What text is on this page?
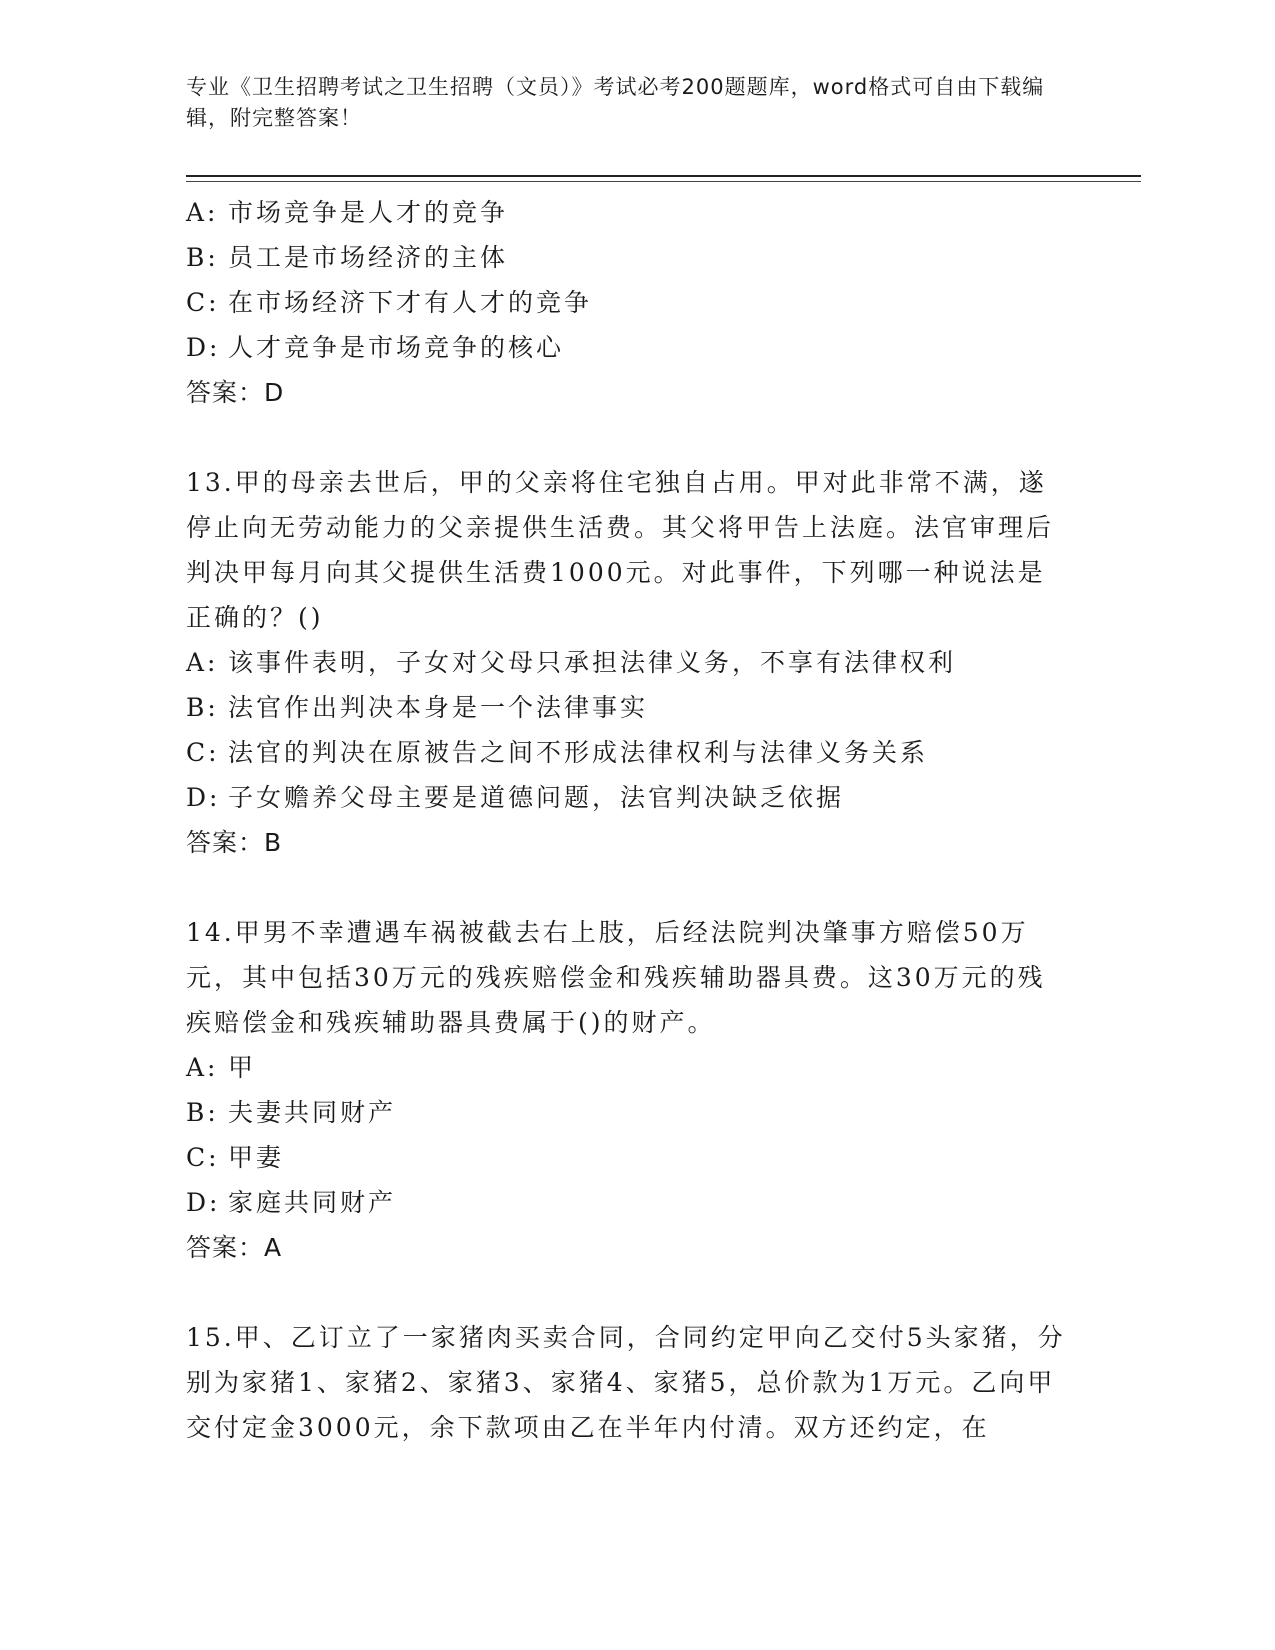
专业《卫生招聘考试之卫生招聘（文员）》考试必考200题题库，word格式可自由下载编辑，附完整答案！
A: 市场竞争是人才的竞争
B: 员工是市场经济的主体
C: 在市场经济下才有人才的竞争
D: 人才竞争是市场竞争的核心
答案：D
13.甲的母亲去世后，甲的父亲将住宅独自占用。甲对此非常不满，遂停止向无劳动能力的父亲提供生活费。其父将甲告上法庭。法官审理后判决甲每月向其父提供生活费1000元。对此事件，下列哪一种说法是正确的？()
A: 该事件表明，子女对父母只承担法律义务，不享有法律权利
B: 法官作出判决本身是一个法律事实
C: 法官的判决在原被告之间不形成法律权利与法律义务关系
D: 子女赡养父母主要是道德问题，法官判决缺乏依据
答案：B
14.甲男不幸遭遇车祸被截去右上肢，后经法院判决肇事方赔偿50万元，其中包括30万元的残疾赔偿金和残疾辅助器具费。这30万元的残疾赔偿金和残疾辅助器具费属于()的财产。
A: 甲
B: 夫妻共同财产
C: 甲妻
D: 家庭共同财产
答案：A
15.甲、乙订立了一家猪肉买卖合同，合同约定甲向乙交付5头家猪，分别为家猪1、家猪2、家猪3、家猪4、家猪5，总价款为1万元。乙向甲交付定金3000元，余下款项由乙在半年内付清。双方还约定，在
